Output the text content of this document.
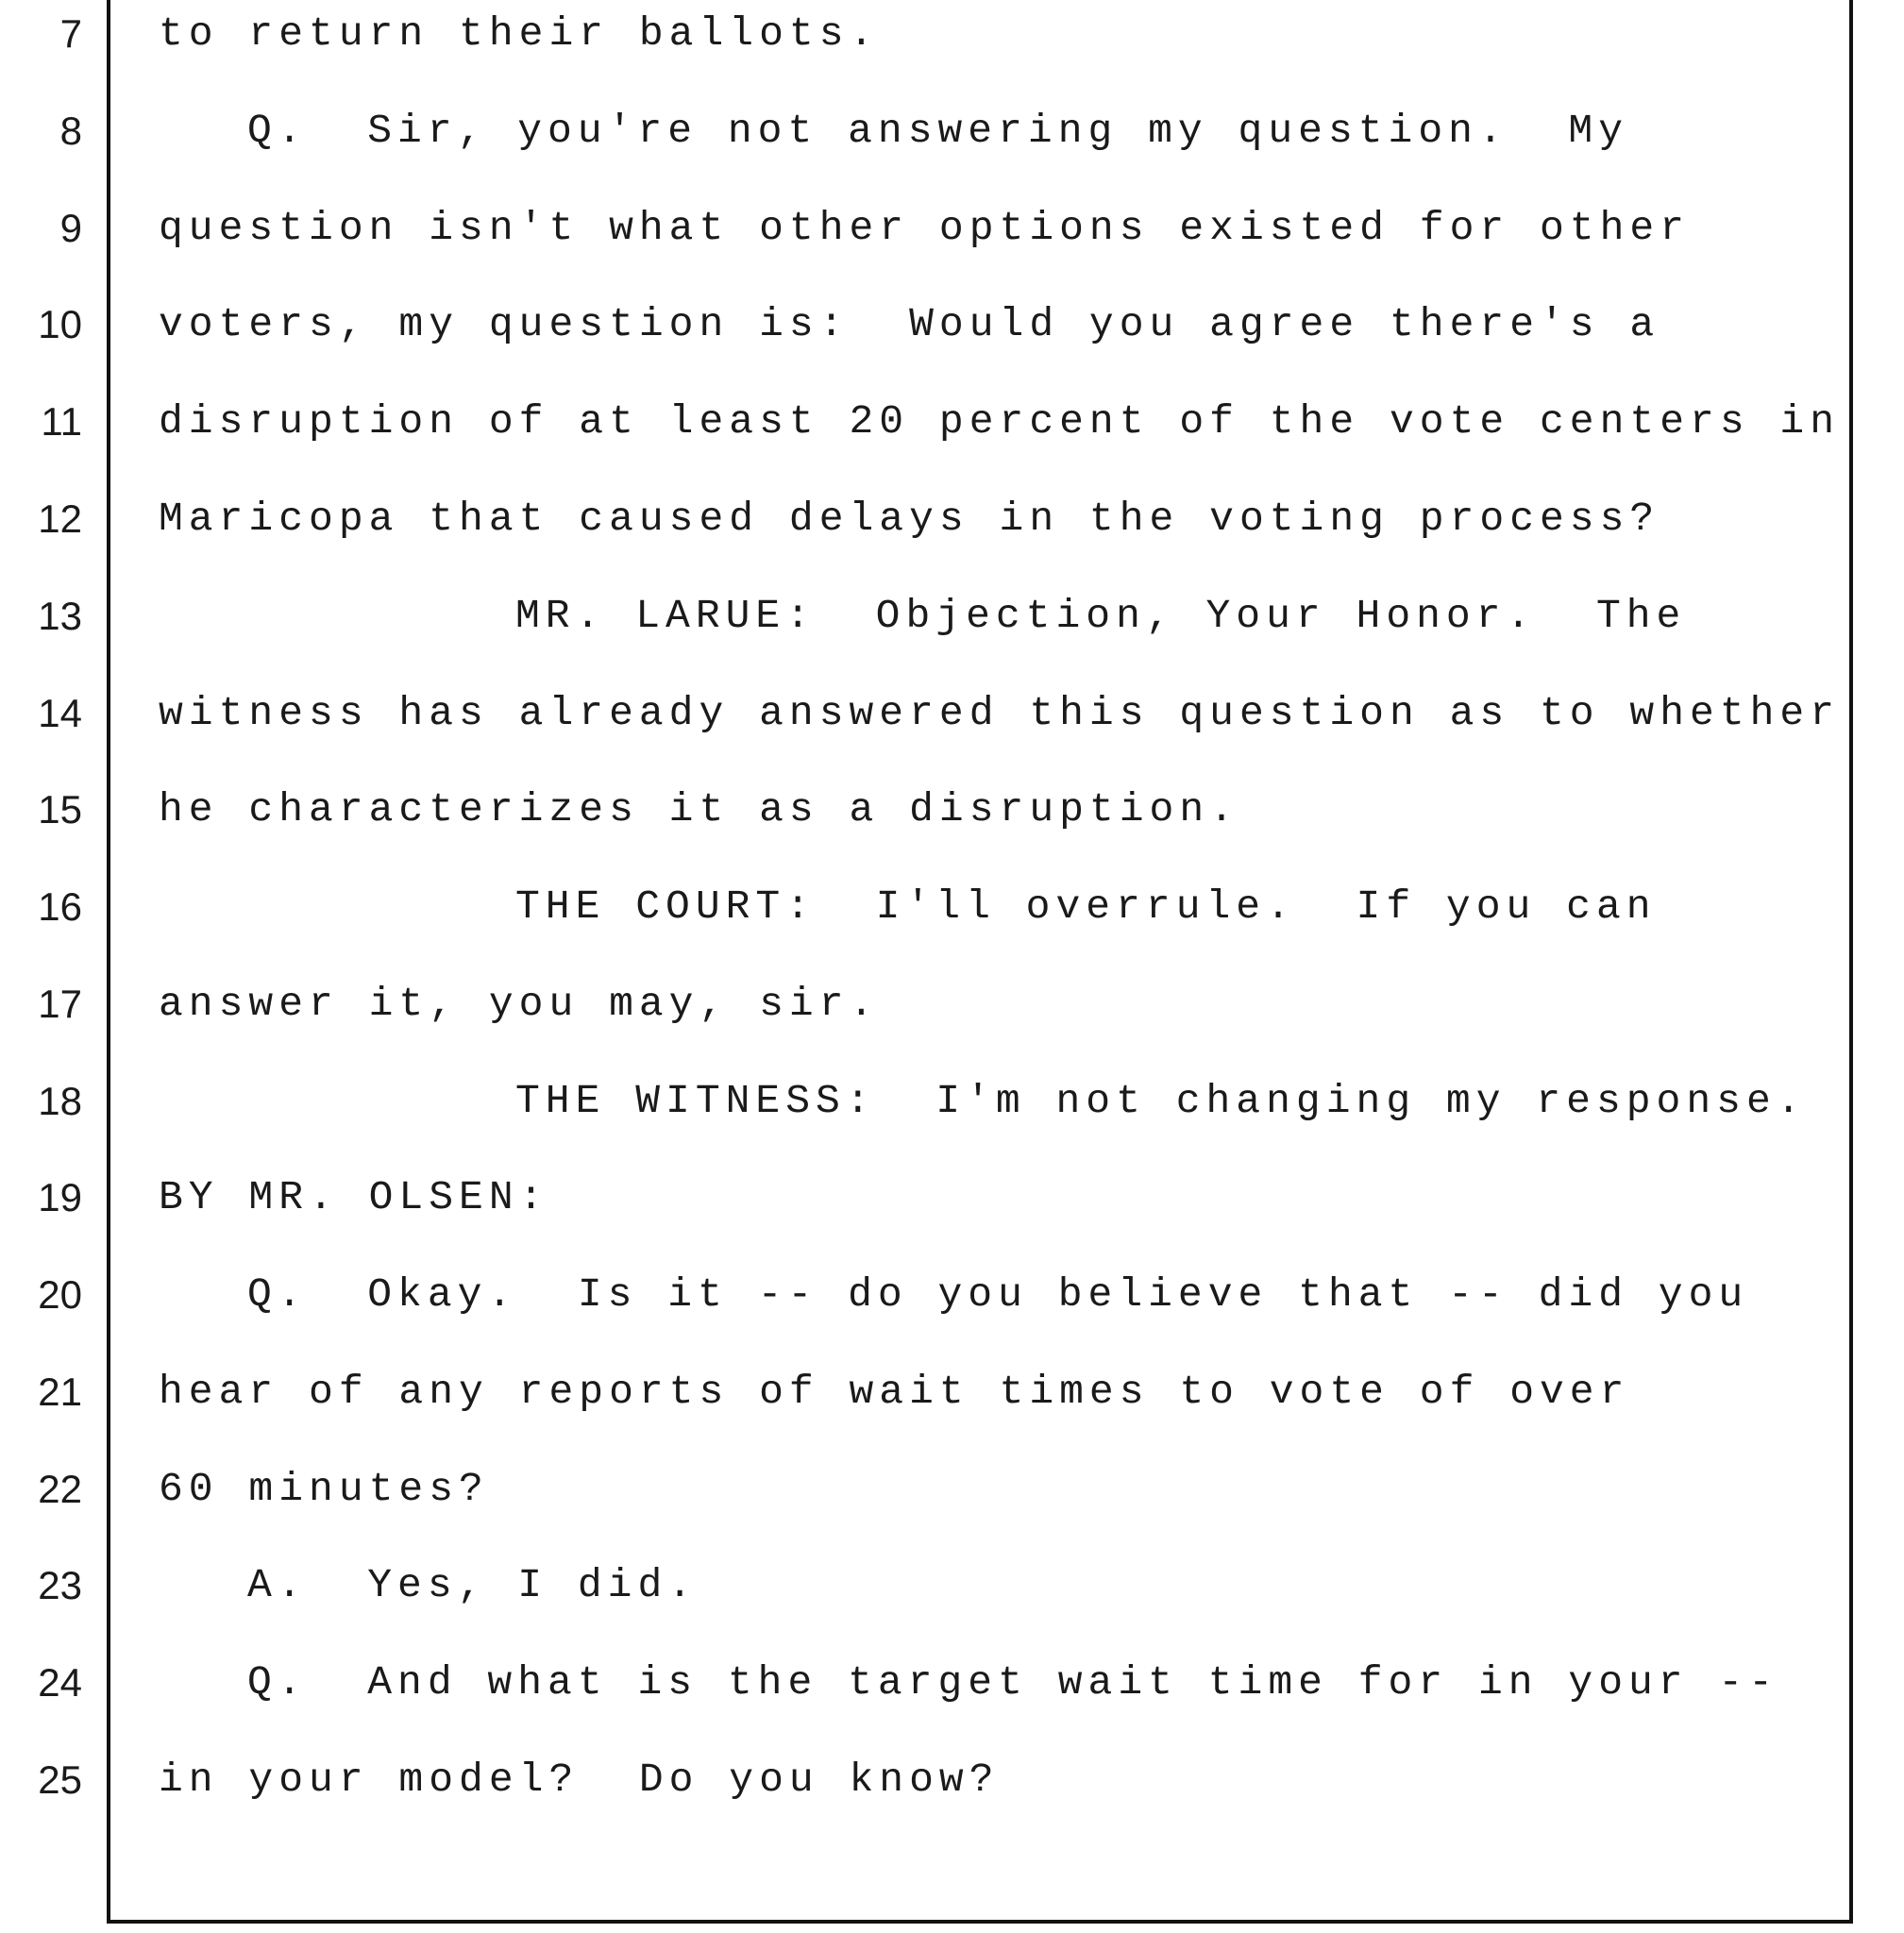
7 to return their ballots.
8	Q.  Sir, you're not answering my question.  My
9 question isn't what other options existed for other
10 voters, my question is:  Would you agree there's a
11 disruption of at least 20 percent of the vote centers in
12 Maricopa that caused delays in the voting process?
13	MR. LARUE:  Objection, Your Honor.  The
14 witness has already answered this question as to whether
15 he characterizes it as a disruption.
16	THE COURT:  I'll overrule.  If you can
17 answer it, you may, sir.
18	THE WITNESS:  I'm not changing my response.
19 BY MR. OLSEN:
20	Q.  Okay.  Is it -- do you believe that -- did you
21 hear of any reports of wait times to vote of over
22 60 minutes?
23	A.  Yes, I did.
24	Q.  And what is the target wait time for in your --
25 in your model?  Do you know?
